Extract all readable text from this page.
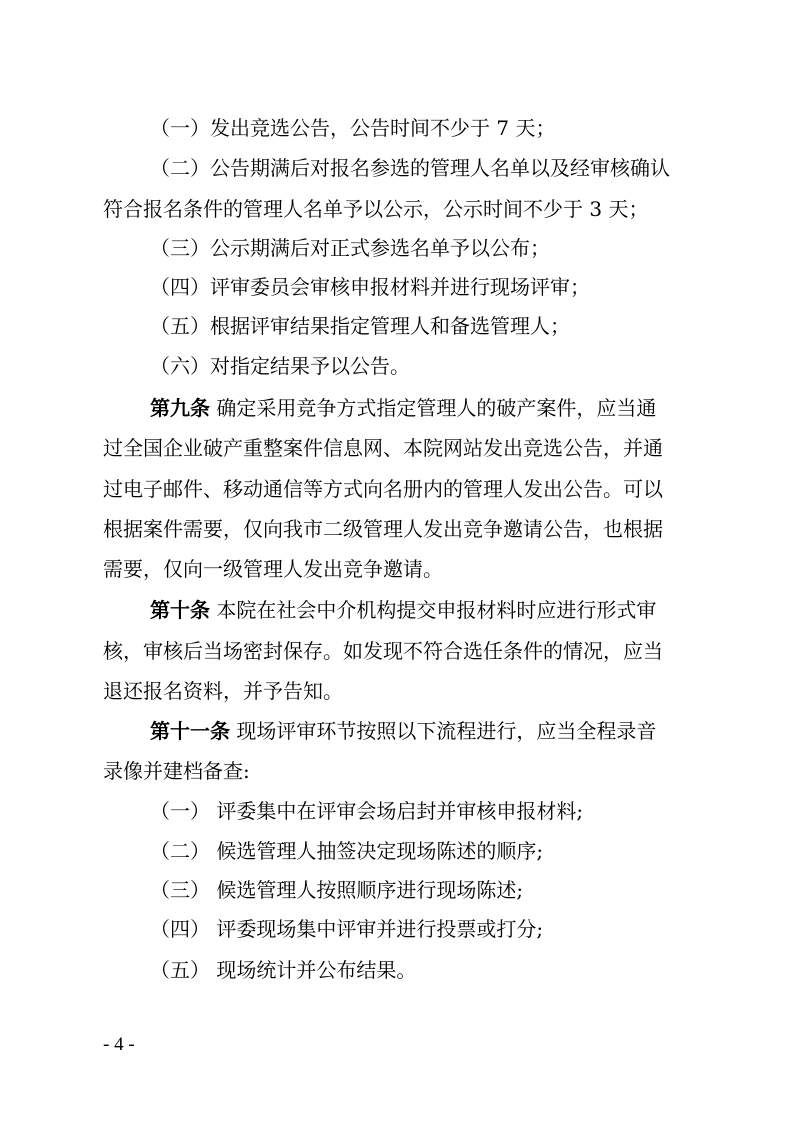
（一）发出竞选公告，公告时间不少于 7 天；
（二）公告期满后对报名参选的管理人名单以及经审核确认
符合报名条件的管理人名单予以公示，公示时间不少于 3 天；
（三）公示期满后对正式参选名单予以公布；
（四）评审委员会审核申报材料并进行现场评审；
（五）根据评审结果指定管理人和备选管理人；
（六）对指定结果予以公告。
第九条 确定采用竞争方式指定管理人的破产案件，应当通
过全国企业破产重整案件信息网、本院网站发出竞选公告，并通
过电子邮件、移动通信等方式向名册内的管理人发出公告。可以
根据案件需要，仅向我市二级管理人发出竞争邀请公告，也根据
需要，仅向一级管理人发出竞争邀请。
第十条 本院在社会中介机构提交申报材料时应进行形式审
核，审核后当场密封保存。如发现不符合选任条件的情况，应当
退还报名资料，并予告知。
第十一条 现场评审环节按照以下流程进行，应当全程录音
录像并建档备查:
（一） 评委集中在评审会场启封并审核申报材料;
（二） 候选管理人抽签决定现场陈述的顺序;
（三） 候选管理人按照顺序进行现场陈述;
（四） 评委现场集中评审并进行投票或打分;
（五） 现场统计并公布结果。
- 4 -
